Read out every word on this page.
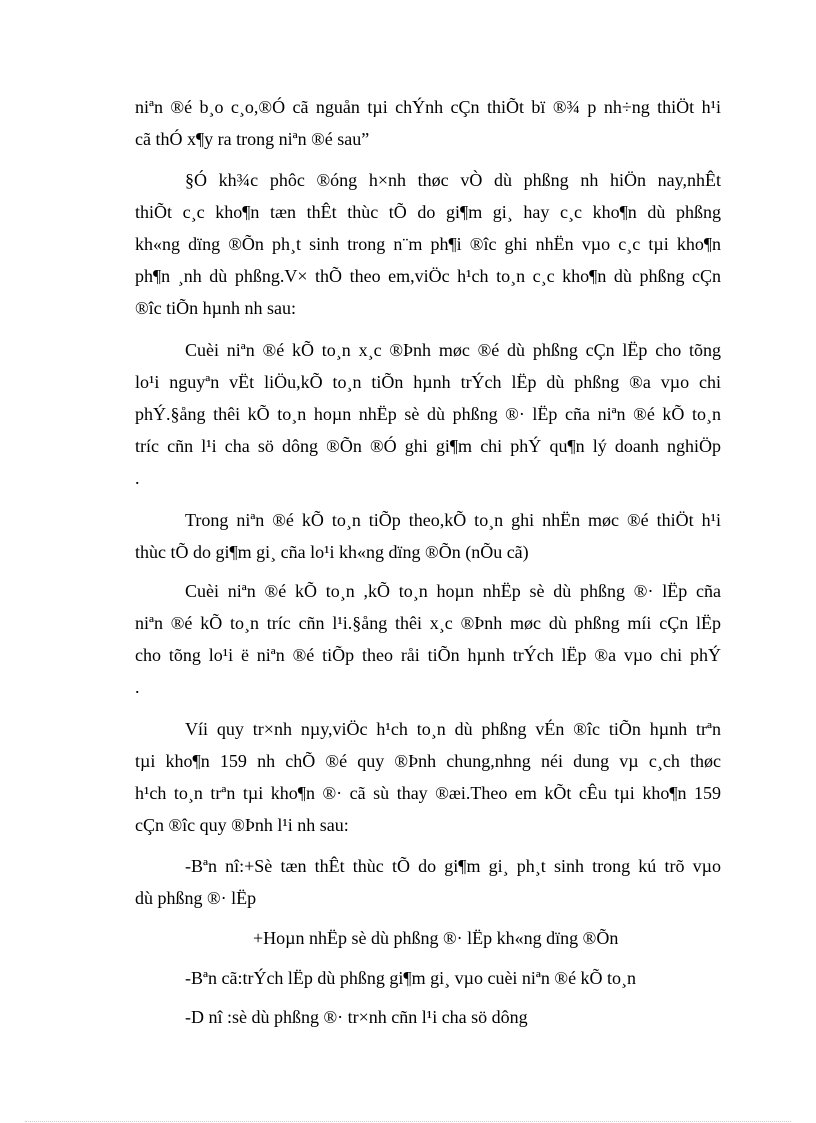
niªn ®é b¸o c¸o,®Ó cã nguån tµi chÝnh cÇn thiÕt bï ®¾ p nh÷ng thiÖt h¹i

cã thÓ x¶y ra trong niªn ®é sau”

§Ó kh¾c phôc ®óng h×nh thøc vÒ dù phßng nh hiÖn nay,nhÊt

thiÕt c¸c kho¶n tæn thÊt thùc tÕ do gi¶m gi¸ hay c¸c kho¶n dù phßng

kh«ng dïng ®Õn ph¸t sinh trong n¨m ph¶i ®îc ghi nhËn vµo c¸c tµi kho¶n

ph¶n ¸nh dù phßng.V× thÕ theo em,viÖc h¹ch to¸n c¸c kho¶n dù phßng cÇn

®îc tiÕn hµnh nh sau:

Cuèi niªn ®é kÕ to¸n x¸c ®Þnh møc ®é dù phßng cÇn lËp cho tõng

lo¹i nguyªn vËt liÖu,kÕ to¸n tiÕn hµnh trÝch lËp dù phßng ®a vµo chi

phÝ.§ång thêi kÕ to¸n hoµn nhËp sè dù phßng ®· lËp cña niªn ®é kÕ to¸n

tríc cñn l¹i cha sö dông ®Õn ®Ó ghi gi¶m chi phÝ qu¶n lý doanh nghiÖp

.

Trong niªn ®é kÕ to¸n tiÕp theo,kÕ to¸n ghi nhËn møc ®é thiÖt h¹i

thùc tÕ do gi¶m gi¸ cña lo¹i kh«ng dïng ®Õn (nÕu cã)

Cuèi niªn ®é kÕ to¸n ,kÕ to¸n hoµn nhËp sè dù phßng ®· lËp cña

niªn ®é kÕ to¸n tríc cñn l¹i.§ång thêi x¸c ®Þnh møc dù phßng míi cÇn lËp

cho tõng lo¹i ë niªn ®é tiÕp theo råi tiÕn hµnh trÝch lËp ®a vµo chi phÝ

.

Víi quy tr×nh nµy,viÖc h¹ch to¸n dù phßng vÉn ®îc tiÕn hµnh trªn

tµi kho¶n 159 nh chÕ ®é quy ®Þnh chung,nhng néi dung vµ c¸ch thøc

h¹ch to¸n trªn tµi kho¶n ®· cã sù thay ®æi.Theo em kÕt cÊu tµi kho¶n 159

cÇn ®îc quy ®Þnh l¹i nh sau:

-Bªn nî:+Sè tæn thÊt thùc tÕ do gi¶m gi¸ ph¸t sinh trong kú trõ vµo

dù phßng ®· lËp

+Hoµn nhËp sè dù phßng ®· lËp kh«ng dïng ®Õn

-Bªn cã:trÝch lËp dù phßng gi¶m gi¸ vµo cuèi niªn ®é kÕ to¸n

-D nî :sè dù phßng ®· tr×nh cñn l¹i cha sö dông
